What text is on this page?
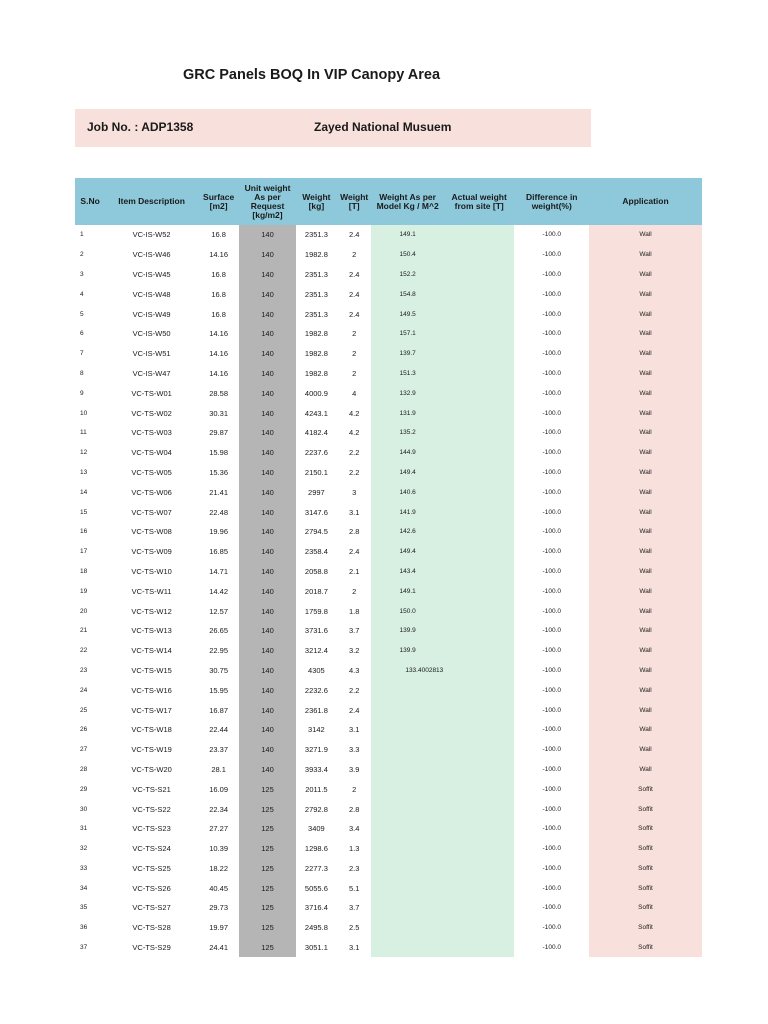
GRC Panels BOQ In VIP Canopy Area
Job No. : ADP1358	Zayed National Musuem
S.No	Item Description	Surface [m2]	Unit weight As per Request [kg/m2]	Weight [kg]	Weight [T]	Weight As per Model Kg / M^2	Actual weight from site [T]	Difference in weight(%)	Application
1	VC-IS-W52	16.8	140	2351.3	2.4	149.1		-100.0	Wall
2	VC-IS-W46	14.16	140	1982.8	2	150.4		-100.0	Wall
3	VC-IS-W45	16.8	140	2351.3	2.4	152.2		-100.0	Wall
4	VC-IS-W48	16.8	140	2351.3	2.4	154.8		-100.0	Wall
5	VC-IS-W49	16.8	140	2351.3	2.4	149.5		-100.0	Wall
6	VC-IS-W50	14.16	140	1982.8	2	157.1		-100.0	Wall
7	VC-IS-W51	14.16	140	1982.8	2	139.7		-100.0	Wall
8	VC-IS-W47	14.16	140	1982.8	2	151.3		-100.0	Wall
9	VC-TS-W01	28.58	140	4000.9	4	132.9		-100.0	Wall
10	VC-TS-W02	30.31	140	4243.1	4.2	131.9		-100.0	Wall
11	VC-TS-W03	29.87	140	4182.4	4.2	135.2		-100.0	Wall
12	VC-TS-W04	15.98	140	2237.6	2.2	144.9		-100.0	Wall
13	VC-TS-W05	15.36	140	2150.1	2.2	149.4		-100.0	Wall
14	VC-TS-W06	21.41	140	2997	3	140.6		-100.0	Wall
15	VC-TS-W07	22.48	140	3147.6	3.1	141.9		-100.0	Wall
16	VC-TS-W08	19.96	140	2794.5	2.8	142.6		-100.0	Wall
17	VC-TS-W09	16.85	140	2358.4	2.4	149.4		-100.0	Wall
18	VC-TS-W10	14.71	140	2058.8	2.1	143.4		-100.0	Wall
19	VC-TS-W11	14.42	140	2018.7	2	149.1		-100.0	Wall
20	VC-TS-W12	12.57	140	1759.8	1.8	150.0		-100.0	Wall
21	VC-TS-W13	26.65	140	3731.6	3.7	139.9		-100.0	Wall
22	VC-TS-W14	22.95	140	3212.4	3.2	139.9		-100.0	Wall
23	VC-TS-W15	30.75	140	4305	4.3	133.4002813		-100.0	Wall
24	VC-TS-W16	15.95	140	2232.6	2.2			-100.0	Wall
25	VC-TS-W17	16.87	140	2361.8	2.4			-100.0	Wall
26	VC-TS-W18	22.44	140	3142	3.1			-100.0	Wall
27	VC-TS-W19	23.37	140	3271.9	3.3			-100.0	Wall
28	VC-TS-W20	28.1	140	3933.4	3.9			-100.0	Wall
29	VC-TS-S21	16.09	125	2011.5	2			-100.0	Soffit
30	VC-TS-S22	22.34	125	2792.8	2.8			-100.0	Soffit
31	VC-TS-S23	27.27	125	3409	3.4			-100.0	Soffit
32	VC-TS-S24	10.39	125	1298.6	1.3			-100.0	Soffit
33	VC-TS-S25	18.22	125	2277.3	2.3			-100.0	Soffit
34	VC-TS-S26	40.45	125	5055.6	5.1			-100.0	Soffit
35	VC-TS-S27	29.73	125	3716.4	3.7			-100.0	Soffit
36	VC-TS-S28	19.97	125	2495.8	2.5			-100.0	Soffit
37	VC-TS-S29	24.41	125	3051.1	3.1			-100.0	Soffit
